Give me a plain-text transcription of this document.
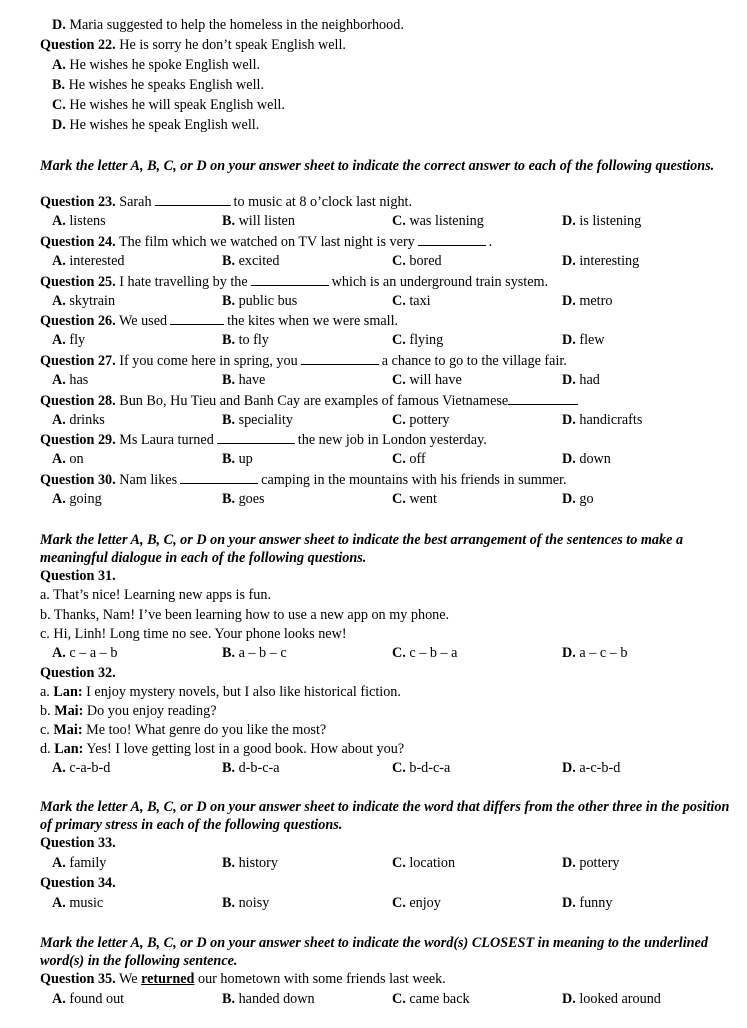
D. Maria suggested to help the homeless in the neighborhood.
Question 22. He is sorry he don’t speak English well.
A. He wishes he spoke English well.
B. He wishes he speaks English well.
C. He wishes he will speak English well.
D. He wishes he speak English well.
Mark the letter A, B, C, or D on your answer sheet to indicate the correct answer to each of the following questions.
Question 23. Sarah	to music at 8 o’clock last night.
A. listens	B. will listen	C. was listening	D. is listening
Question 24. The film which we watched on TV last night is very	.
A. interested	B. excited	C. bored	D. interesting
Question 25. I hate travelling by the	which is an underground train system.
A. skytrain	B. public bus	C. taxi	D. metro
Question 26. We used	the kites when we were small.
A. fly	B. to fly	C. flying	D. flew
Question 27. If you come here in spring, you	a chance to go to the village fair.
A. has	B. have	C. will have	D. had
Question 28. Bun Bo, Hu Tieu and Banh Cay are examples of famous Vietnamese
A. drinks	B. speciality	C. pottery	D. handicrafts
Question 29. Ms Laura turned	the new job in London yesterday.
A. on	B. up	C. off	D. down
Question 30. Nam likes	camping in the mountains with his friends in summer.
A. going	B. goes	C. went	D. go
Mark the letter A, B, C, or D on your answer sheet to indicate the best arrangement of the sentences to make a meaningful dialogue in each of the following questions.
Question 31.
a. That’s nice! Learning new apps is fun.
b. Thanks, Nam! I’ve been learning how to use a new app on my phone.
c. Hi, Linh! Long time no see. Your phone looks new!
A. c – a – b	B. a – b – c	C. c – b – a	D. a – c – b
Question 32.
a. Lan: I enjoy mystery novels, but I also like historical fiction.
b. Mai: Do you enjoy reading?
c. Mai: Me too! What genre do you like the most?
d. Lan: Yes! I love getting lost in a good book. How about you?
A. c-a-b-d	B. d-b-c-a	C. b-d-c-a	D. a-c-b-d
Mark the letter A, B, C, or D on your answer sheet to indicate the word that differs from the other three in the position of primary stress in each of the following questions.
Question 33.
A. family	B. history	C. location	D. pottery
Question 34.
A. music	B. noisy	C. enjoy	D. funny
Mark the letter A, B, C, or D on your answer sheet to indicate the word(s) CLOSEST in meaning to the underlined word(s) in the following sentence.
Question 35. We returned our hometown with some friends last week.
A. found out	B. handed down	C. came back	D. looked around
